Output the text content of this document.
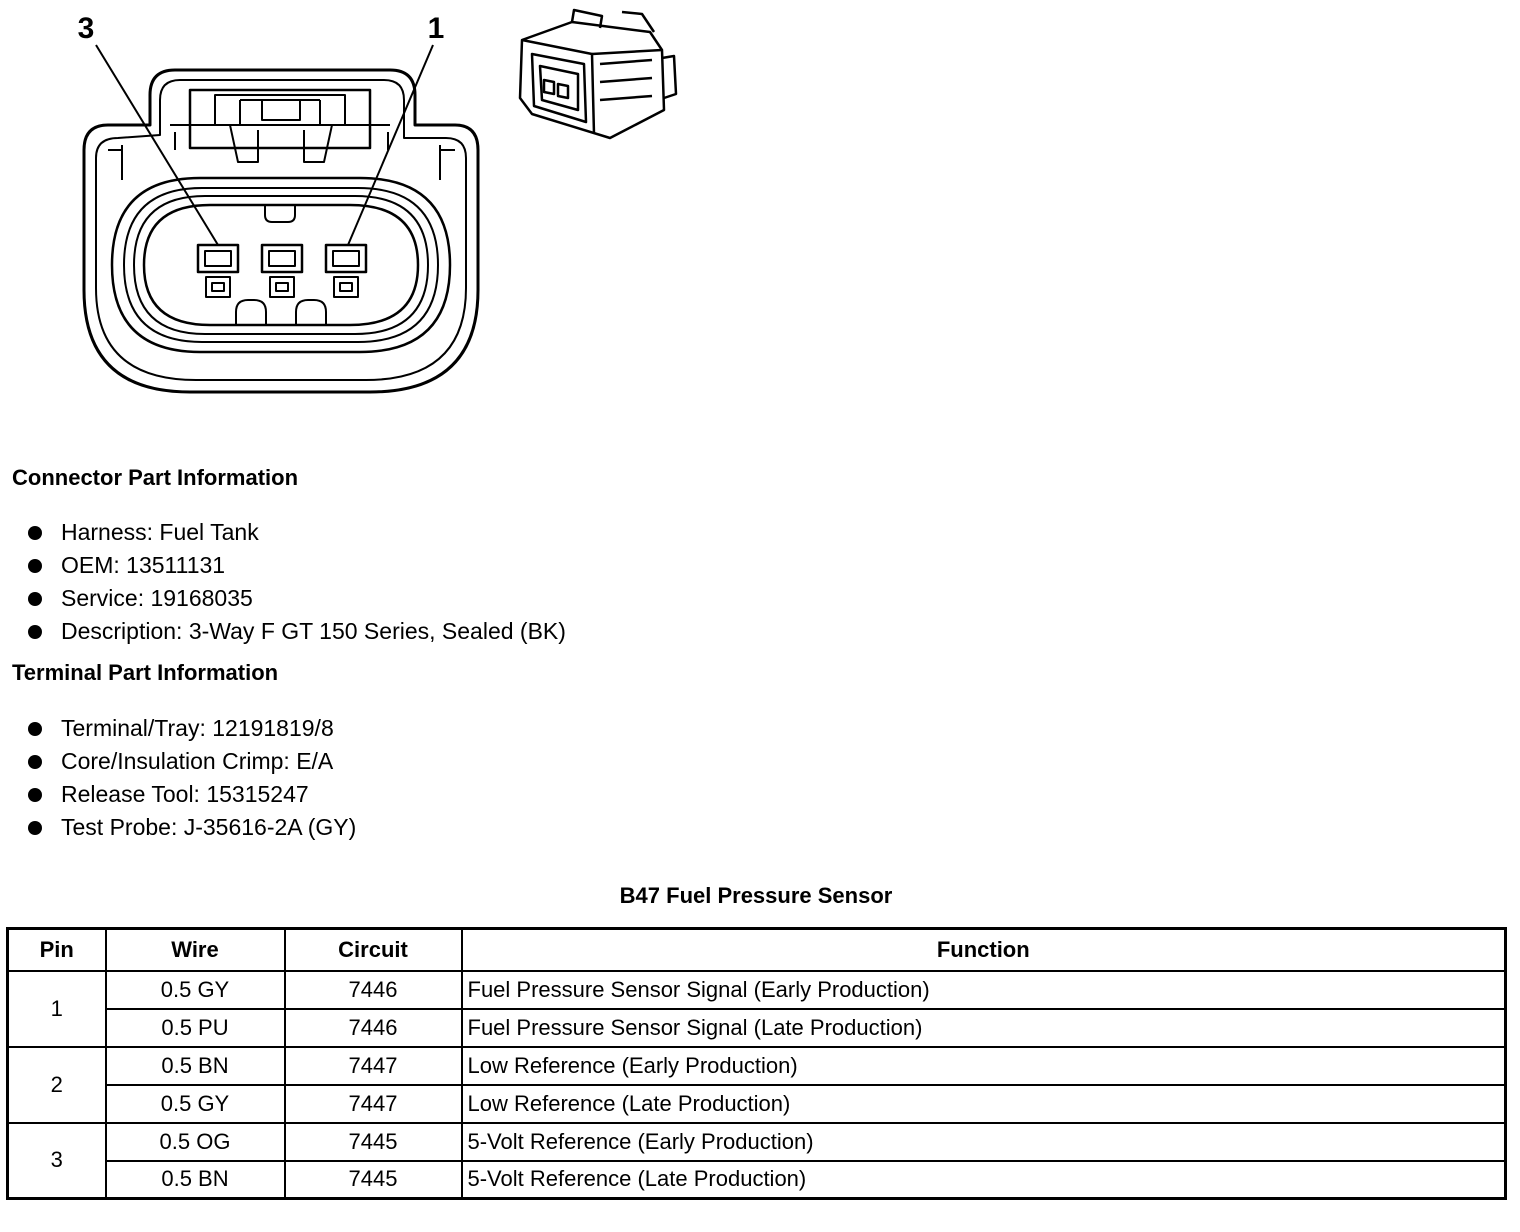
3	1
Connector Part Information
Harness: Fuel Tank
OEM: 13511131
Service: 19168035
Description: 3-Way F GT 150 Series, Sealed (BK)
Terminal Part Information
Terminal/Tray: 12191819/8
Core/Insulation Crimp: E/A
Release Tool: 15315247
Test Probe: J-35616-2A (GY)
B47 Fuel Pressure Sensor
Pin	Wire	Circuit	Function
1	0.5 GY	7446	Fuel Pressure Sensor Signal (Early Production)
	0.5 PU	7446	Fuel Pressure Sensor Signal (Late Production)
2	0.5 BN	7447	Low Reference (Early Production)
	0.5 GY	7447	Low Reference (Late Production)
3	0.5 OG	7445	5-Volt Reference (Early Production)
	0.5 BN	7445	5-Volt Reference (Late Production)
